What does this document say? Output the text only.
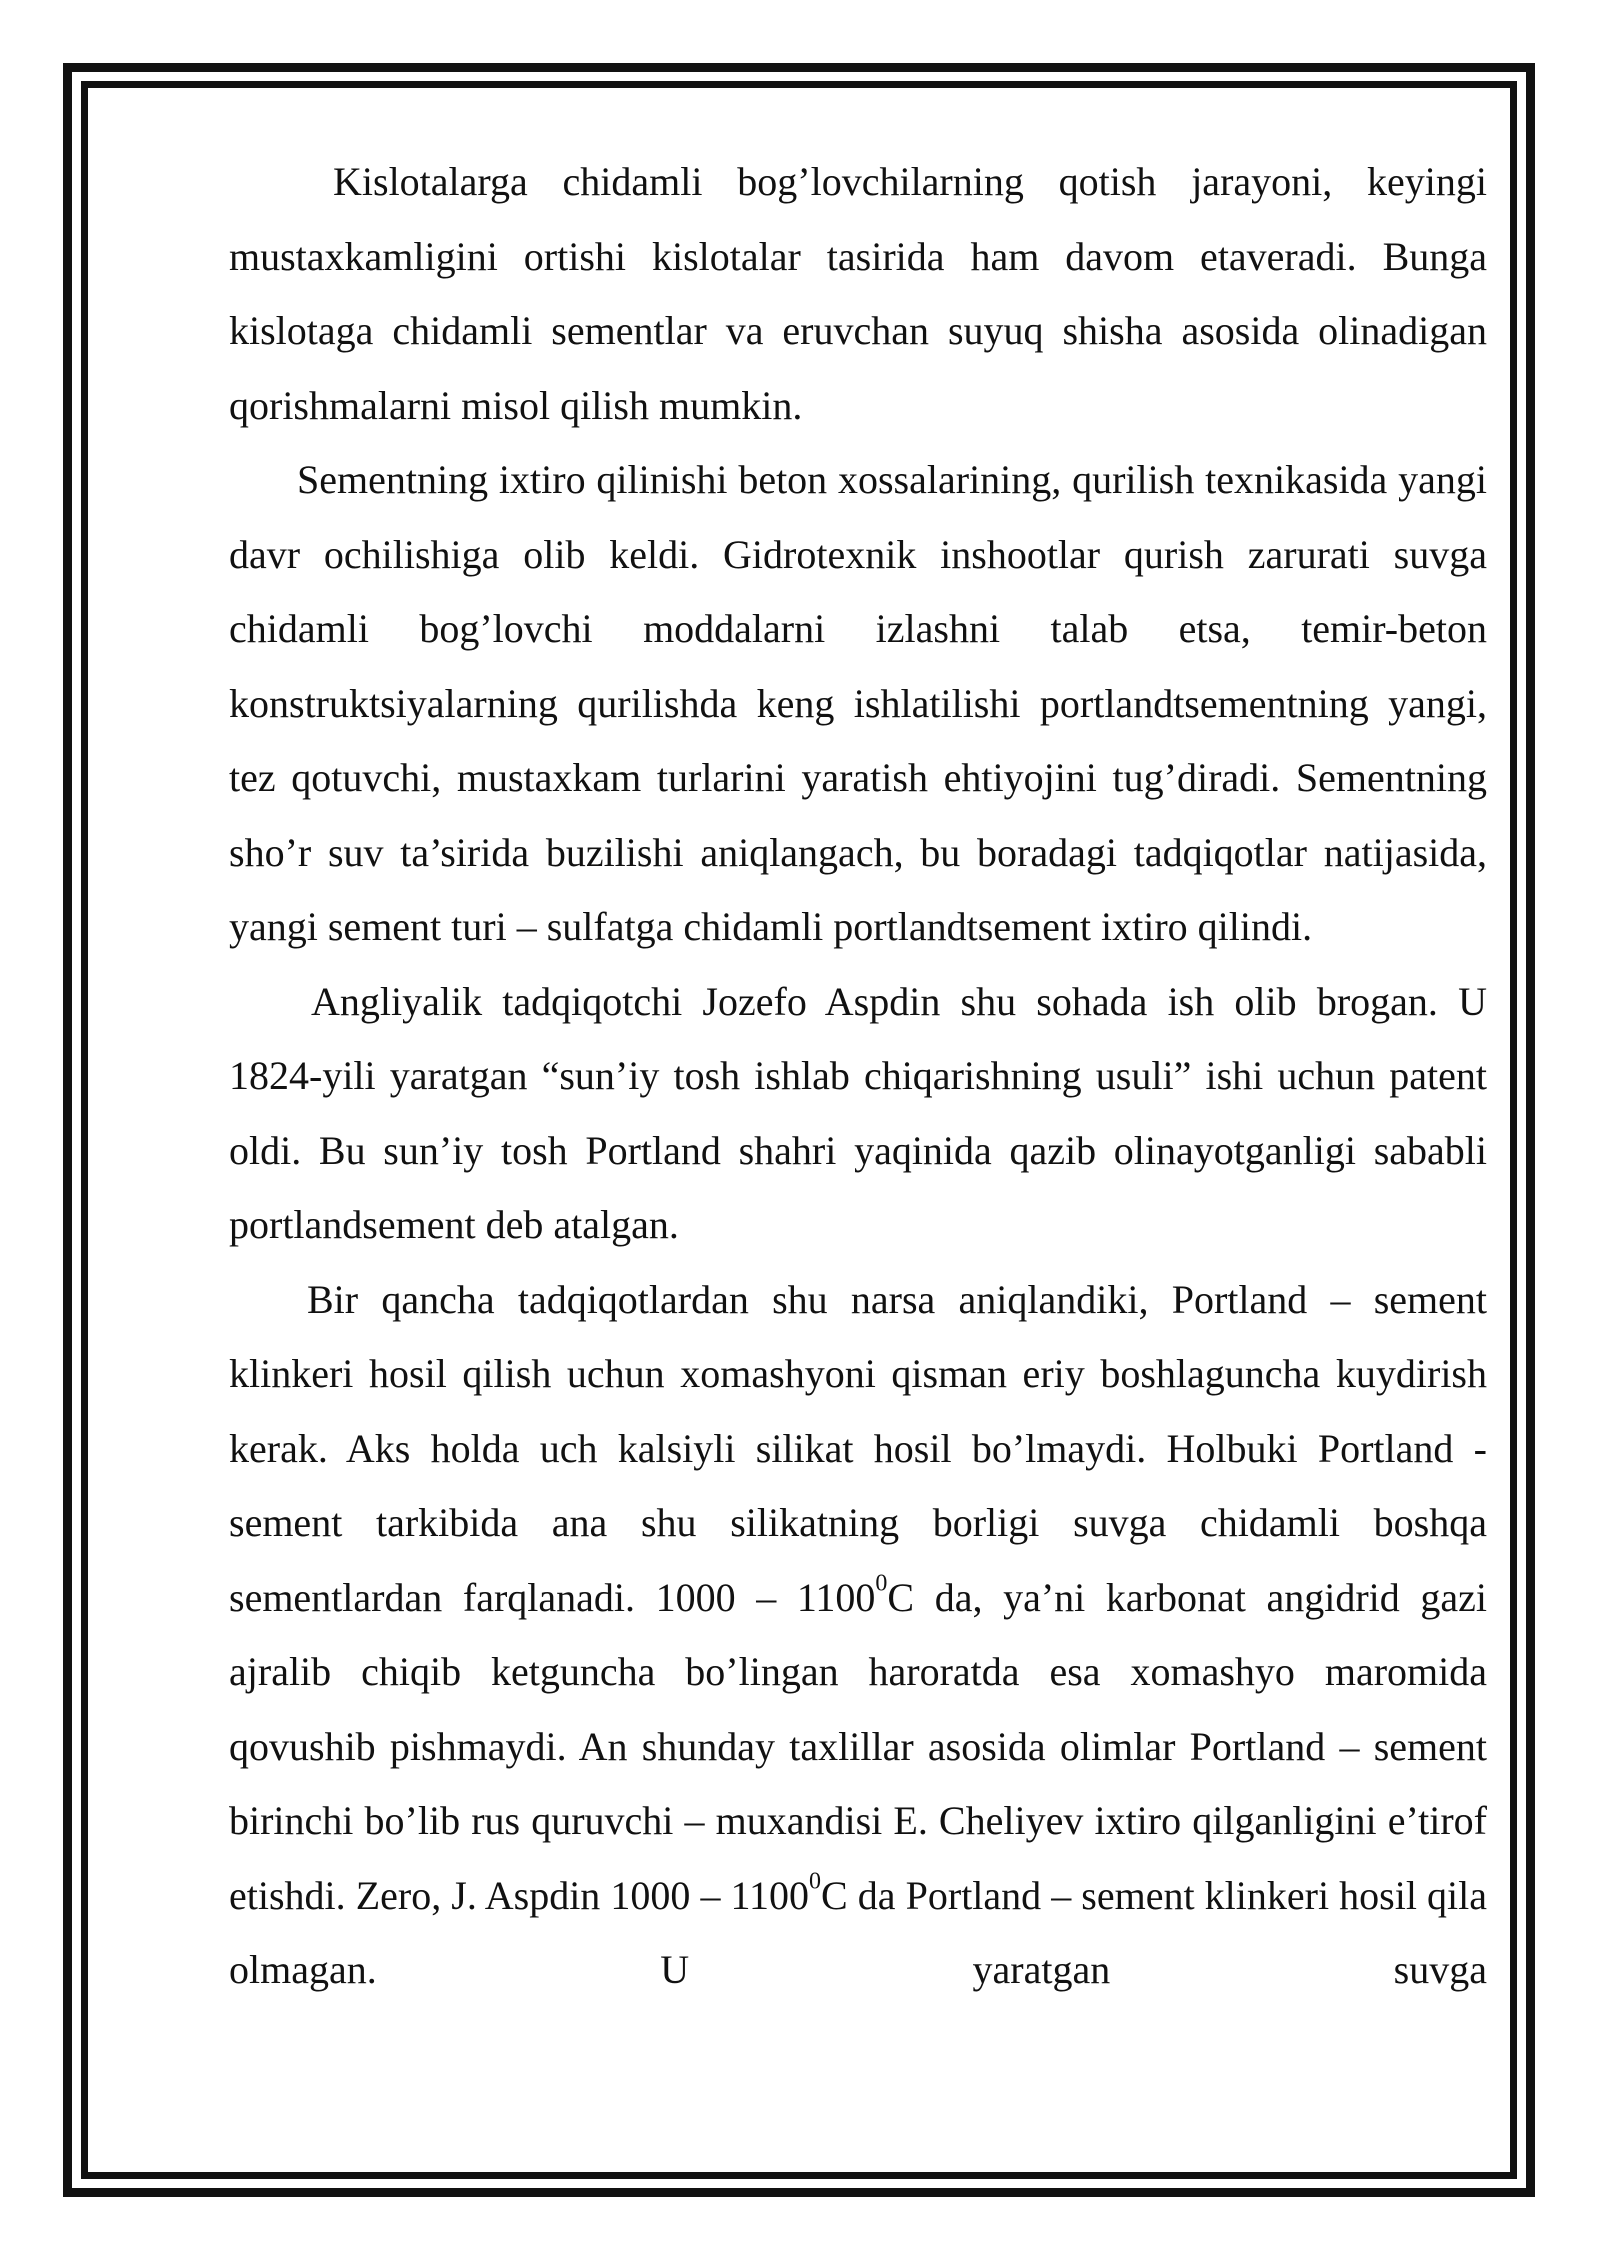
Kislotalarga chidamli bog’lovchilarning qotish jarayoni, keyingi mustaxkamligini ortishi kislotalar tasirida ham davom etaveradi. Bunga kislotaga chidamli sementlar va eruvchan suyuq shisha asosida olinadigan qorishmalarni misol qilish mumkin.

Sementning ixtiro qilinishi beton xossalarining, qurilish texnikasida yangi davr ochilishiga olib keldi. Gidrotexnik inshootlar qurish zarurati suvga chidamli bog’lovchi moddalarni izlashni talab etsa, temir-beton konstruktsiyalarning qurilishda keng ishlatilishi portlandtsementning yangi, tez qotuvchi, mustaxkam turlarini yaratish ehtiyojini tug’diradi. Sementning sho’r suv ta’sirida buzilishi aniqlangach, bu boradagi tadqiqotlar natijasida, yangi sement turi – sulfatga chidamli portlandtsement ixtiro qilindi.

Angliyalik tadqiqotchi Jozefo Aspdin shu sohada ish olib brogan. U 1824-yili yaratgan “sun’iy tosh ishlab chiqarishning usuli” ishi uchun patent oldi. Bu sun’iy tosh Portland shahri yaqinida qazib olinayotganligi sababli portlandsement deb atalgan.

Bir qancha tadqiqotlardan shu narsa aniqlandiki, Portland – sement klinkeri hosil qilish uchun xomashyoni qisman eriy boshlaguncha kuydirish kerak. Aks holda uch kalsiyli silikat hosil bo’lmaydi. Holbuki Portland - sement tarkibida ana shu silikatning borligi suvga chidamli boshqa sementlardan farqlanadi. 1000 – 1100$^0$C da, ya’ni karbonat angidrid gazi ajralib chiqib ketguncha bo’lingan haroratda esa xomashyo maromida qovushib pishmaydi. An shunday taxlillar asosida olimlar Portland – sement birinchi bo’lib rus quruvchi – muxandisi E. Cheliyev ixtiro qilganligini e’tirof etishdi. Zero, J. Aspdin 1000 – 1100$^0$C da Portland – sement klinkeri hosil qila olmagan. U yaratgan suvga
